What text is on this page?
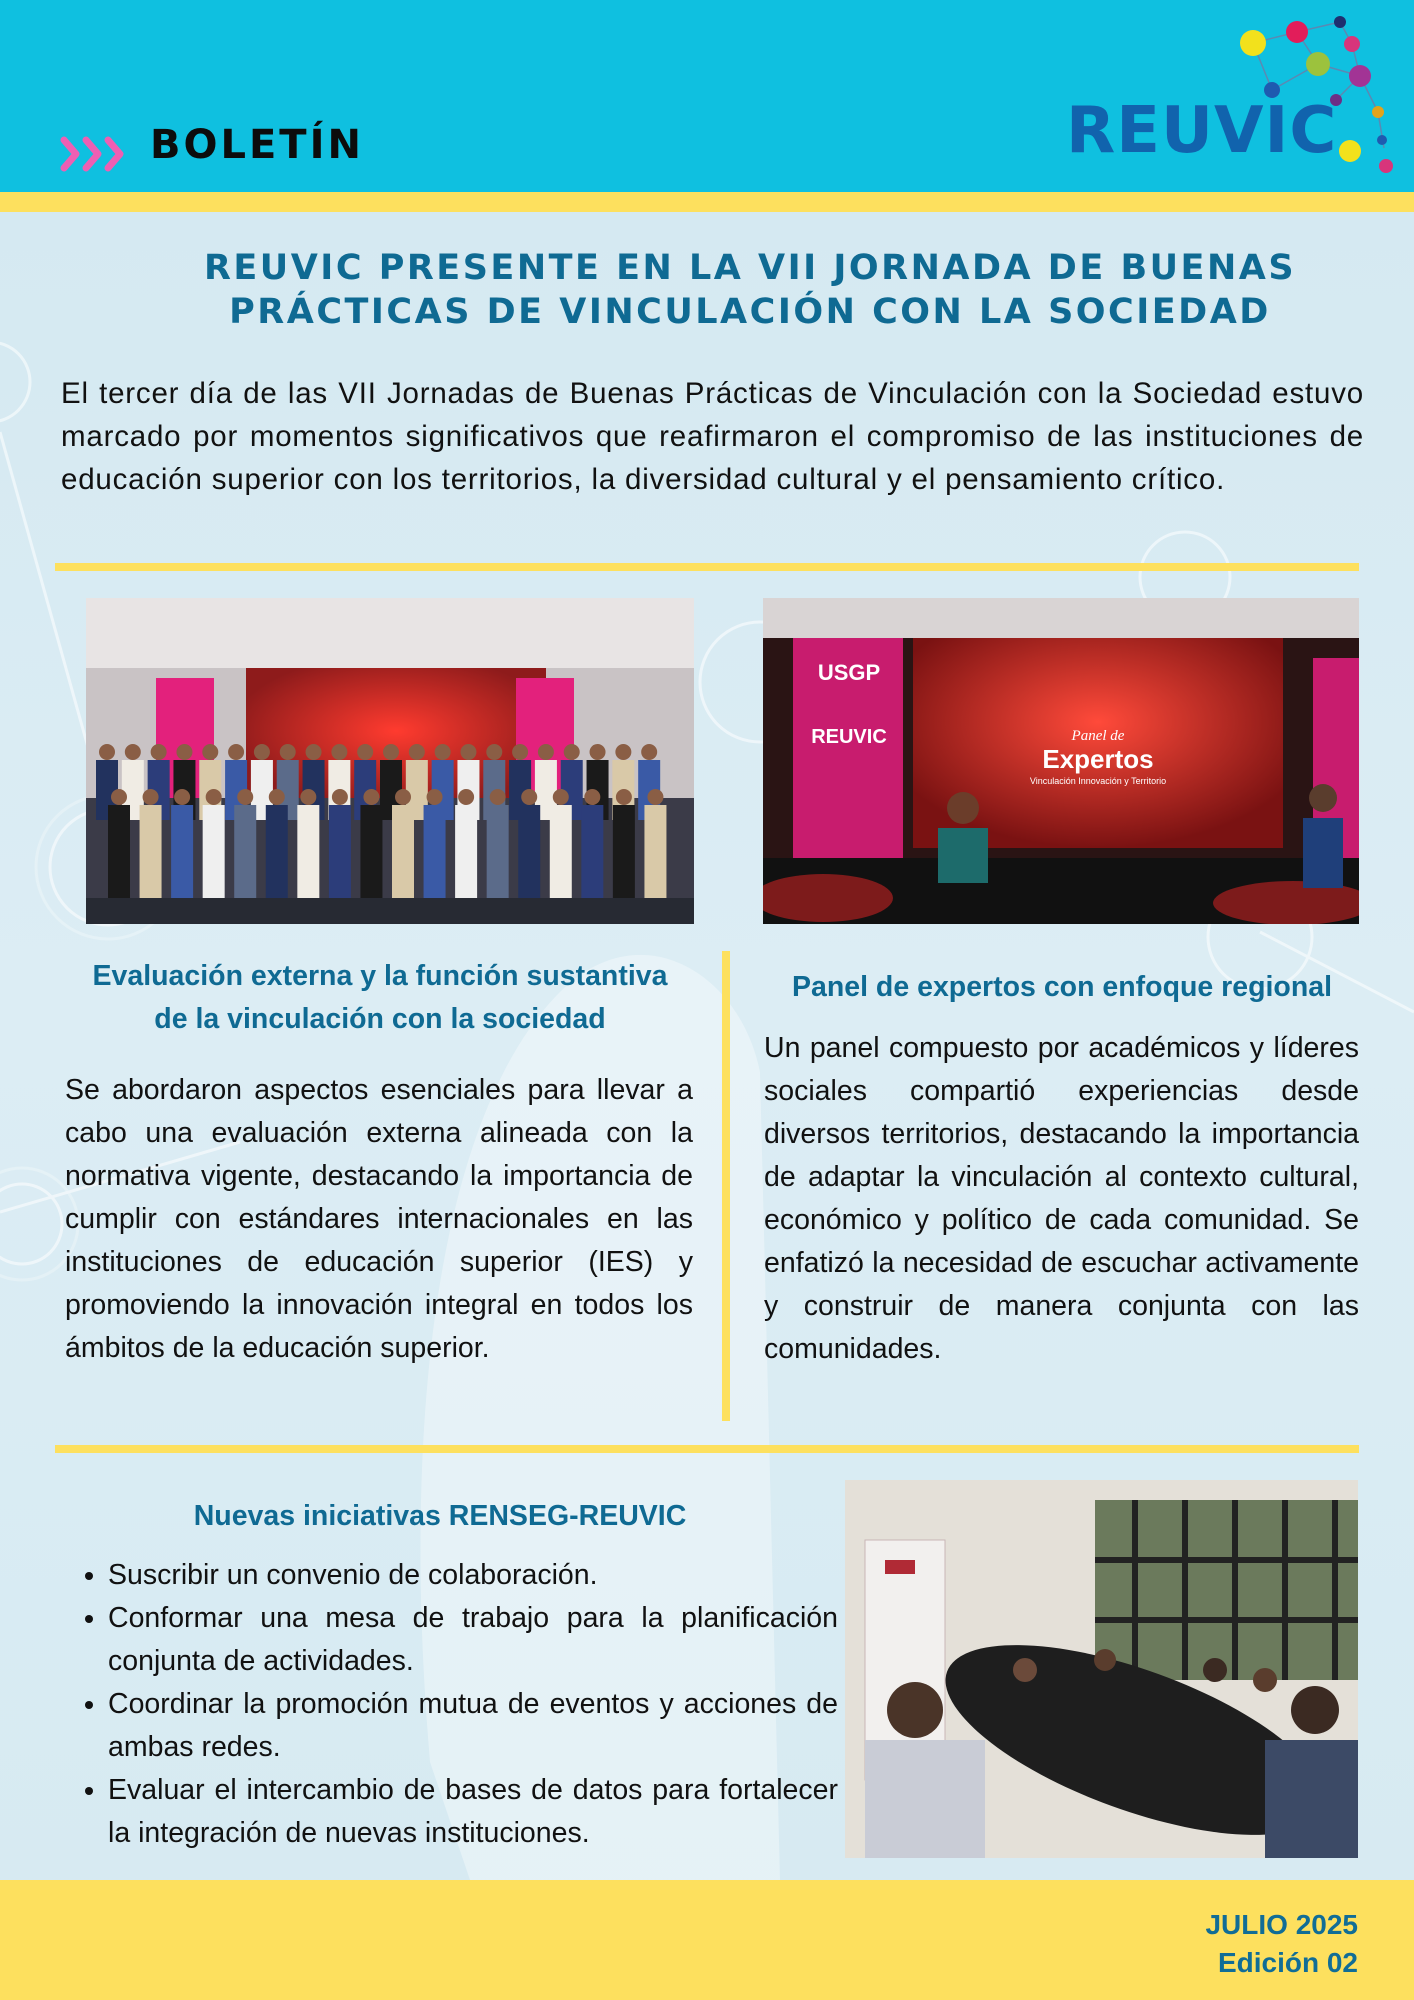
BOLETÍN	REUVIC
REUVIC PRESENTE EN LA VII JORNADA DE BUENAS
PRÁCTICAS DE VINCULACIÓN CON LA SOCIEDAD
El tercer día de las VII Jornadas de Buenas Prácticas de Vinculación con la Sociedad estuvo marcado por momentos significativos que reafirmaron el compromiso de las instituciones de educación superior con los territorios, la diversidad cultural y el pensamiento crítico.
USGP
REUVIC	Panel de
Expertos
Vinculación Innovación y Territorio
Evaluación externa y la función sustantiva
de la vinculación con la sociedad
Se abordaron aspectos esenciales para llevar a cabo una evaluación externa alineada con la normativa vigente, destacando la importancia de cumplir con estándares internacionales en las instituciones de educación superior (IES) y promoviendo la innovación integral en todos los ámbitos de la educación superior.
Panel de expertos con enfoque regional
Un panel compuesto por académicos y líderes sociales compartió experiencias desde diversos territorios, destacando la importancia de adaptar la vinculación al contexto cultural, económico y político de cada comunidad. Se enfatizó la necesidad de escuchar activamente y construir de manera conjunta con las comunidades.
Nuevas iniciativas RENSEG-REUVIC
• Suscribir un convenio de colaboración.
• Conformar una mesa de trabajo para la planificación conjunta de actividades.
• Coordinar la promoción mutua de eventos y acciones de ambas redes.
• Evaluar el intercambio de bases de datos para fortalecer la integración de nuevas instituciones.
JULIO 2025
Edición 02
